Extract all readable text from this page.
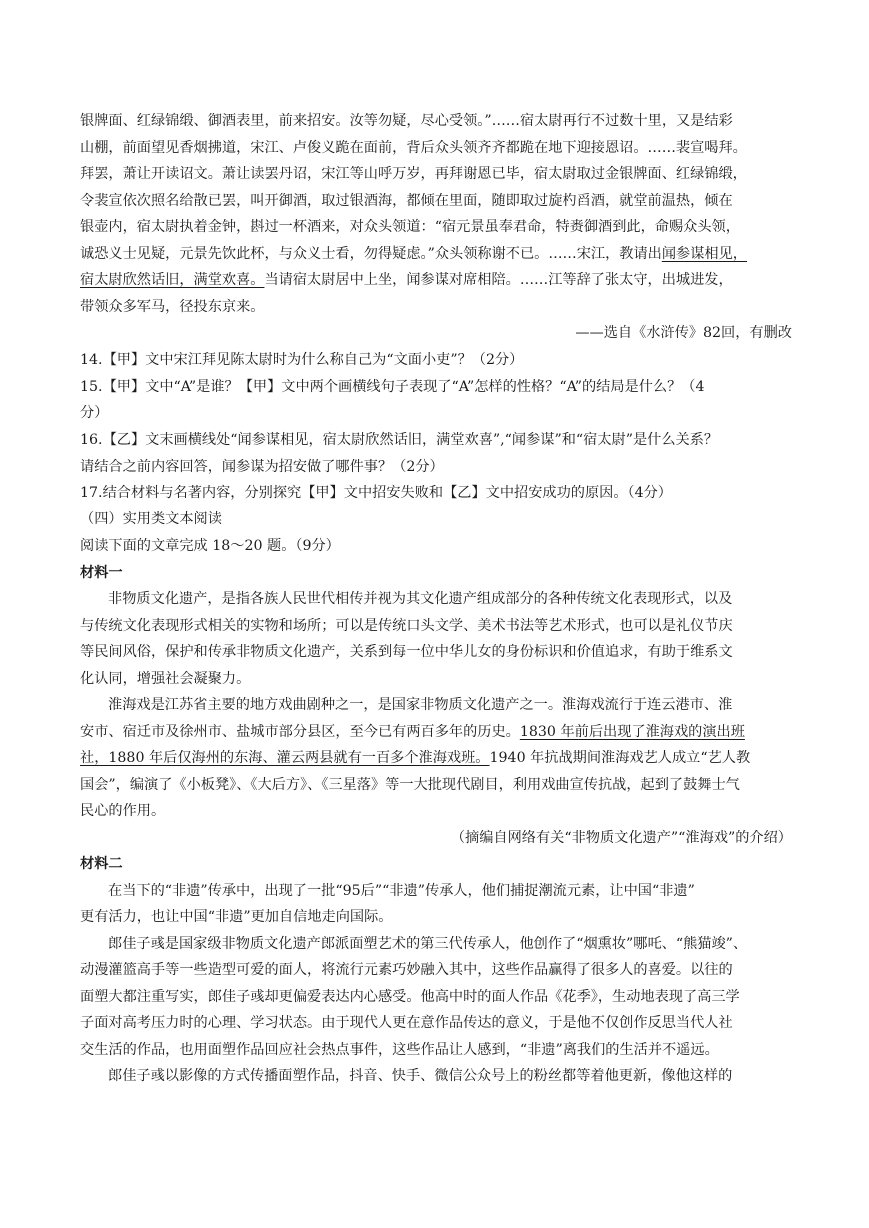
银牌面、红绿锦缎、御酒表里，前来招安。汝等勿疑，尽心受领。”……宿太尉再行不过数十里，又是结彩
山棚，前面望见香烟拂道，宋江、卢俊义跪在面前，背后众头领齐齐都跪在地下迎接恩诏。……裴宣喝拜。
拜罢，萧让开读诏文。萧让读罢丹诏，宋江等山呼万岁，再拜谢恩已毕，宿太尉取过金银牌面、红绿锦缎，
令裴宣依次照名给散已罢，叫开御酒，取过银酒海，都倾在里面，随即取过旋杓舀酒，就堂前温热，倾在
银壶内，宿太尉执着金钟，斟过一杯酒来，对众头领道：“宿元景虽奉君命，特赉御酒到此，命赐众头领，
诚恐义士见疑，元景先饮此杯，与众义士看，勿得疑虑。”众头领称谢不已。……宋江，教请出闻参谋相见，
宿太尉欣然话旧，满堂欢喜。当请宿太尉居中上坐，闻参谋对席相陪。……江等辞了张太守，出城进发，
带领众多军马，径投东京来。
——选自《水浒传》82回，有删改
14.【甲】文中宋江拜见陈太尉时为什么称自己为“文面小吏”？（2分）
15.【甲】文中“A”是谁？【甲】文中两个画横线句子表现了“A”怎样的性格？“A”的结局是什么？（4
分）
16.【乙】文末画横线处“闻参谋相见，宿太尉欣然话旧，满堂欢喜”,“闻参谋”和“宿太尉”是什么关系？
请结合之前内容回答，闻参谋为招安做了哪件事？（2分）
17.结合材料与名著内容，分别探究【甲】文中招安失败和【乙】文中招安成功的原因。（4分）
（四）实用类文本阅读
阅读下面的文章完成 18～20 题。（9分）
材料一
非物质文化遗产，是指各族人民世代相传并视为其文化遗产组成部分的各种传统文化表现形式，以及
与传统文化表现形式相关的实物和场所；可以是传统口头文学、美术书法等艺术形式，也可以是礼仪节庆
等民间风俗，保护和传承非物质文化遗产，关系到每一位中华儿女的身份标识和价值追求，有助于维系文
化认同，增强社会凝聚力。
淮海戏是江苏省主要的地方戏曲剧种之一，是国家非物质文化遗产之一。淮海戏流行于连云港市、淮
安市、宿迁市及徐州市、盐城市部分县区，至今已有两百多年的历史。1830 年前后出现了淮海戏的演出班
社，1880 年后仅海州的东海、灌云两县就有一百多个淮海戏班。1940 年抗战期间淮海戏艺人成立“艺人教
国会”，编演了《小板凳》、《大后方》、《三星落》等一大批现代剧目，利用戏曲宣传抗战，起到了鼓舞士气
民心的作用。
（摘编自网络有关“非物质文化遗产”“淮海戏”的介绍）
材料二
在当下的“非遗”传承中，出现了一批“95后”“非遗”传承人，他们捕捉潮流元素，让中国“非遗”
更有活力，也让中国“非遗”更加自信地走向国际。
郎佳子彧是国家级非物质文化遗产郎派面塑艺术的第三代传承人，他创作了“烟熏妆”哪吒、“熊猫竣”、
动漫灌篮高手等一些造型可爱的面人，将流行元素巧妙融入其中，这些作品赢得了很多人的喜爱。以往的
面塑大都注重写实，郎佳子彧却更偏爱表达内心感受。他高中时的面人作品《花季》，生动地表现了高三学
子面对高考压力时的心理、学习状态。由于现代人更在意作品传达的意义，于是他不仅创作反思当代人社
交生活的作品，也用面塑作品回应社会热点事件，这些作品让人感到，“非遗”离我们的生活并不遥远。
郎佳子彧以影像的方式传播面塑作品，抖音、快手、微信公众号上的粉丝都等着他更新，像他这样的
